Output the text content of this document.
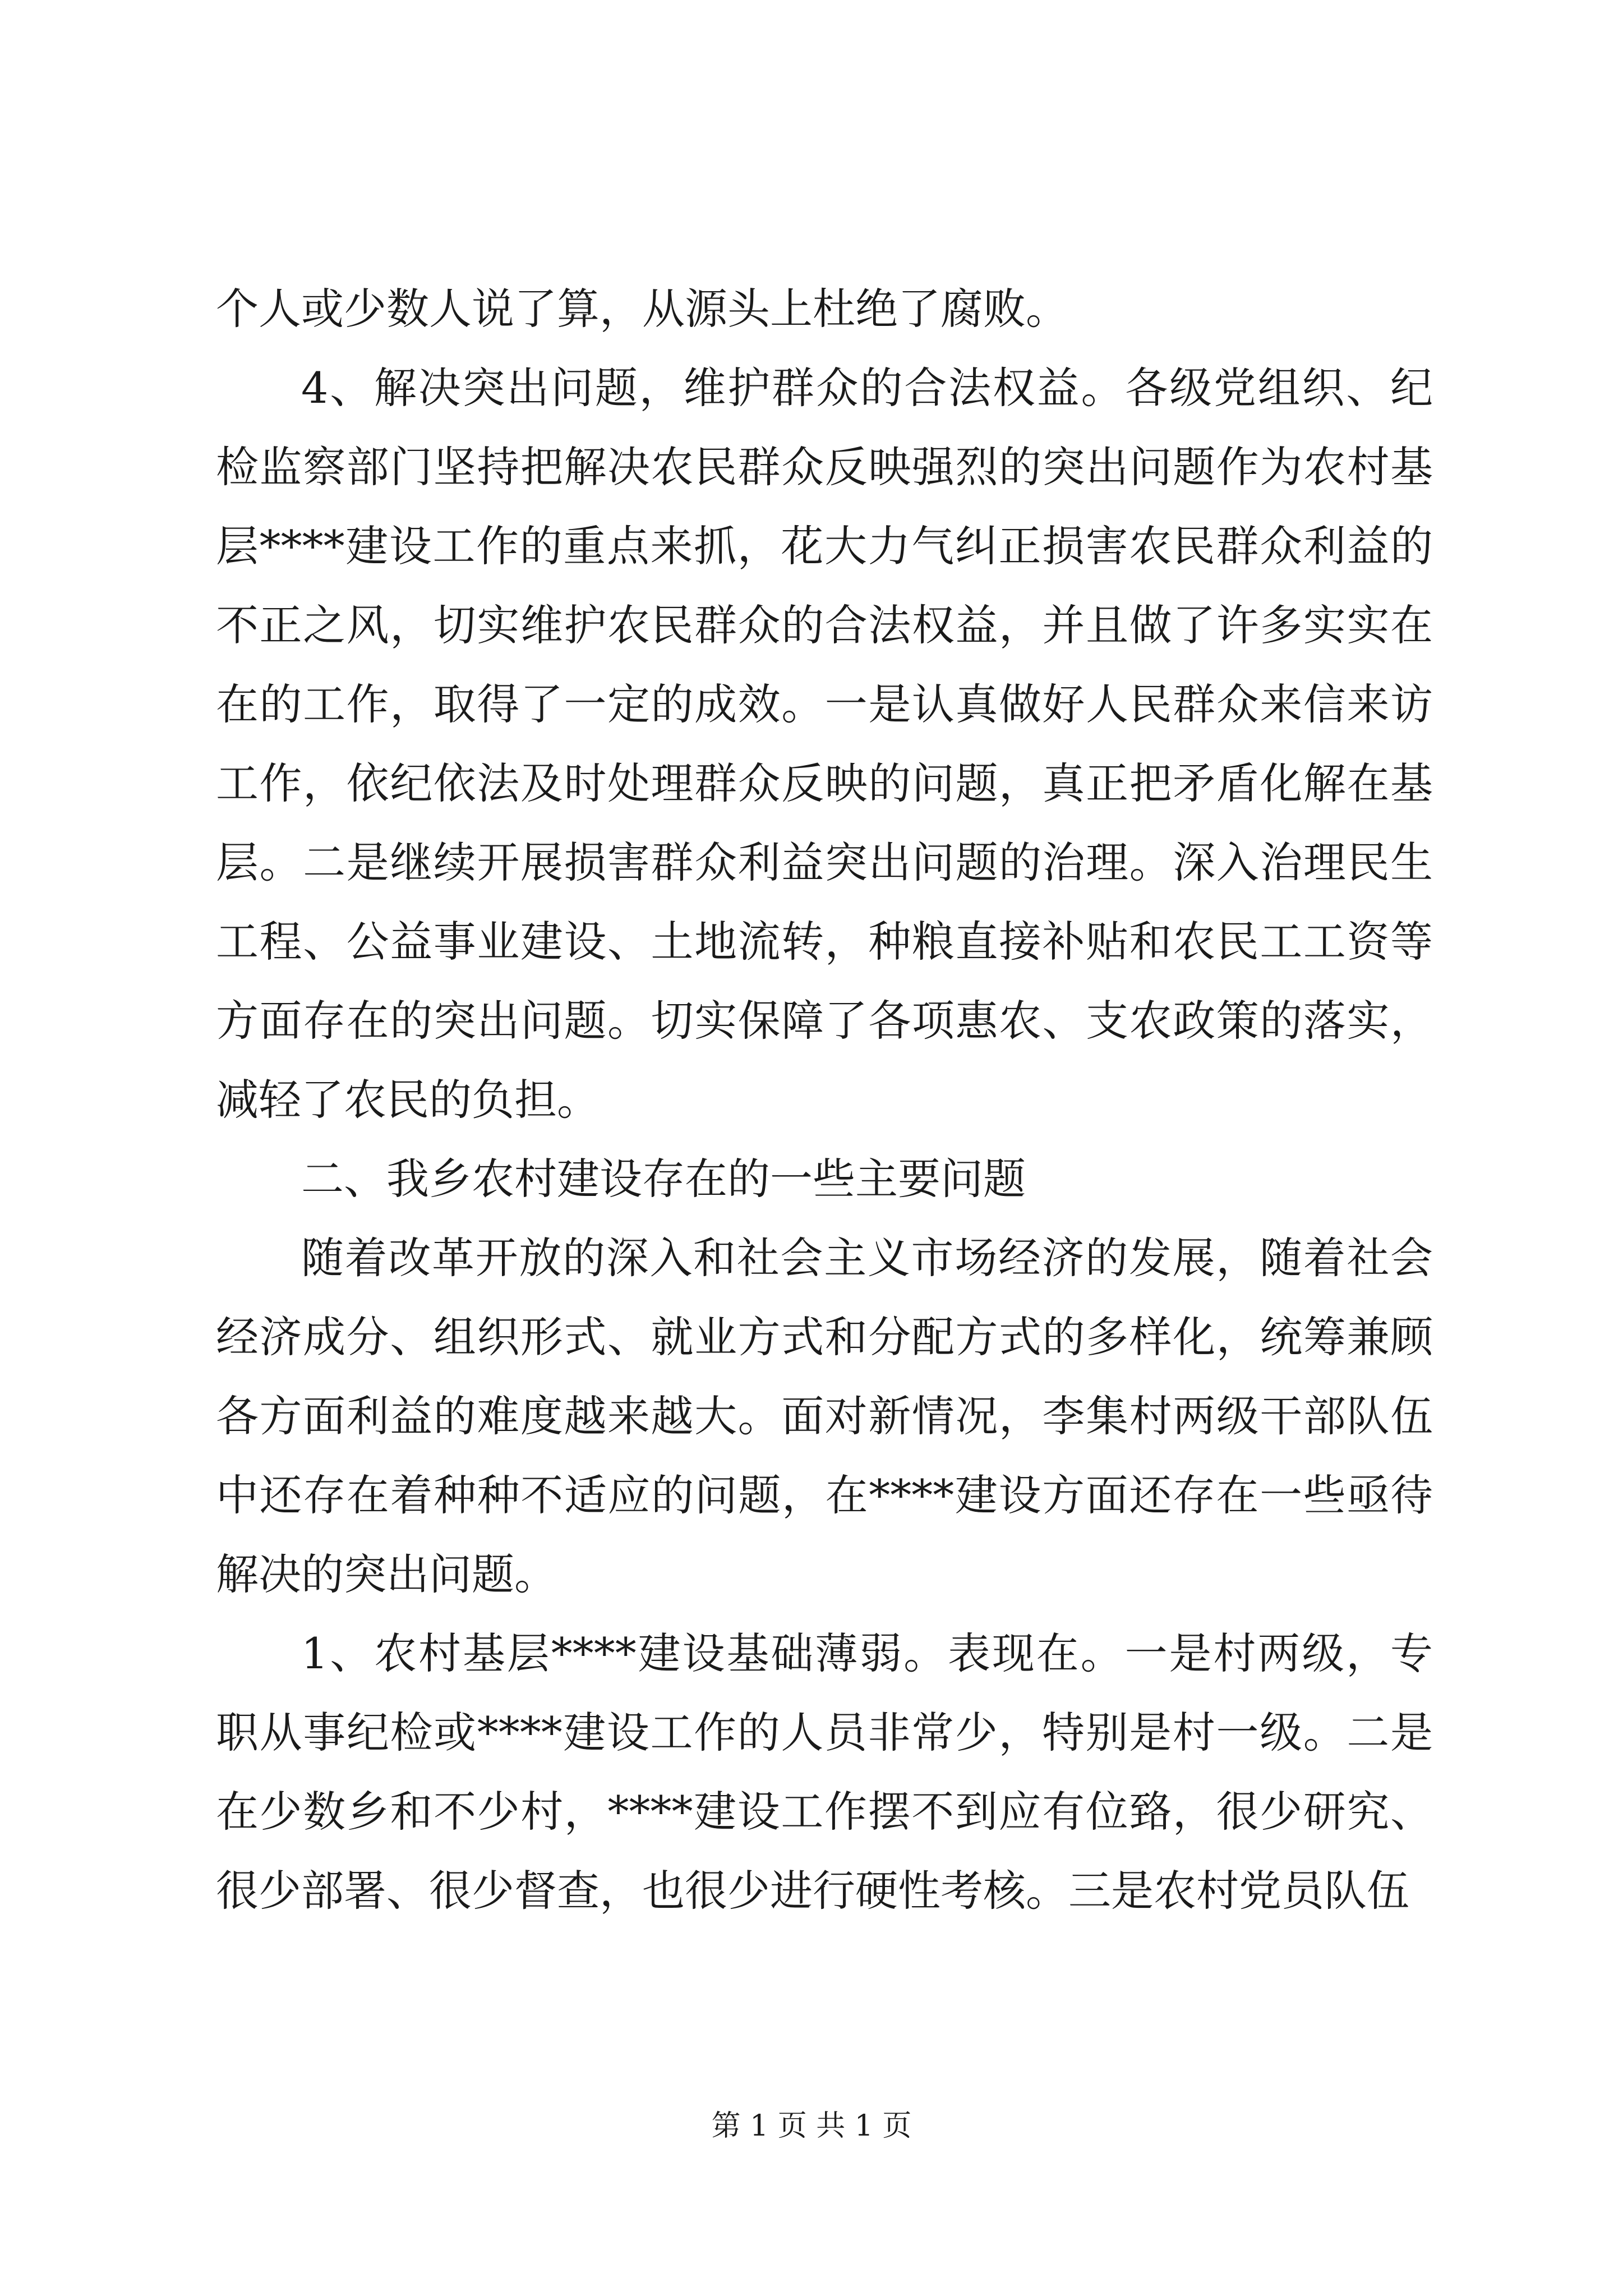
个人或少数人说了算，从源头上杜绝了腐败。

4、解决突出问题，维护群众的合法权益。各级党组织、纪检监察部门坚持把解决农民群众反映强烈的突出问题作为农村基层****建设工作的重点来抓，花大力气纠正损害农民群众利益的不正之风，切实维护农民群众的合法权益，并且做了许多实实在在的工作，取得了一定的成效。一是认真做好人民群众来信来访工作，依纪依法及时处理群众反映的问题，真正把矛盾化解在基层。二是继续开展损害群众利益突出问题的治理。深入治理民生工程、公益事业建设、土地流转，种粮直接补贴和农民工工资等方面存在的突出问题。切实保障了各项惠农、支农政策的落实，减轻了农民的负担。

二、我乡农村建设存在的一些主要问题

随着改革开放的深入和社会主义市场经济的发展，随着社会经济成分、组织形式、就业方式和分配方式的多样化，统筹兼顾各方面利益的难度越来越大。面对新情况，李集村两级干部队伍中还存在着种种不适应的问题，在****建设方面还存在一些亟待解决的突出问题。

1、农村基层****建设基础薄弱。表现在。一是村两级，专职从事纪检或****建设工作的人员非常少，特别是村一级。二是在少数乡和不少村，****建设工作摆不到应有位臵，很少研究、很少部署、很少督查，也很少进行硬性考核。三是农村党员队伍

第 1 页 共 1 页
